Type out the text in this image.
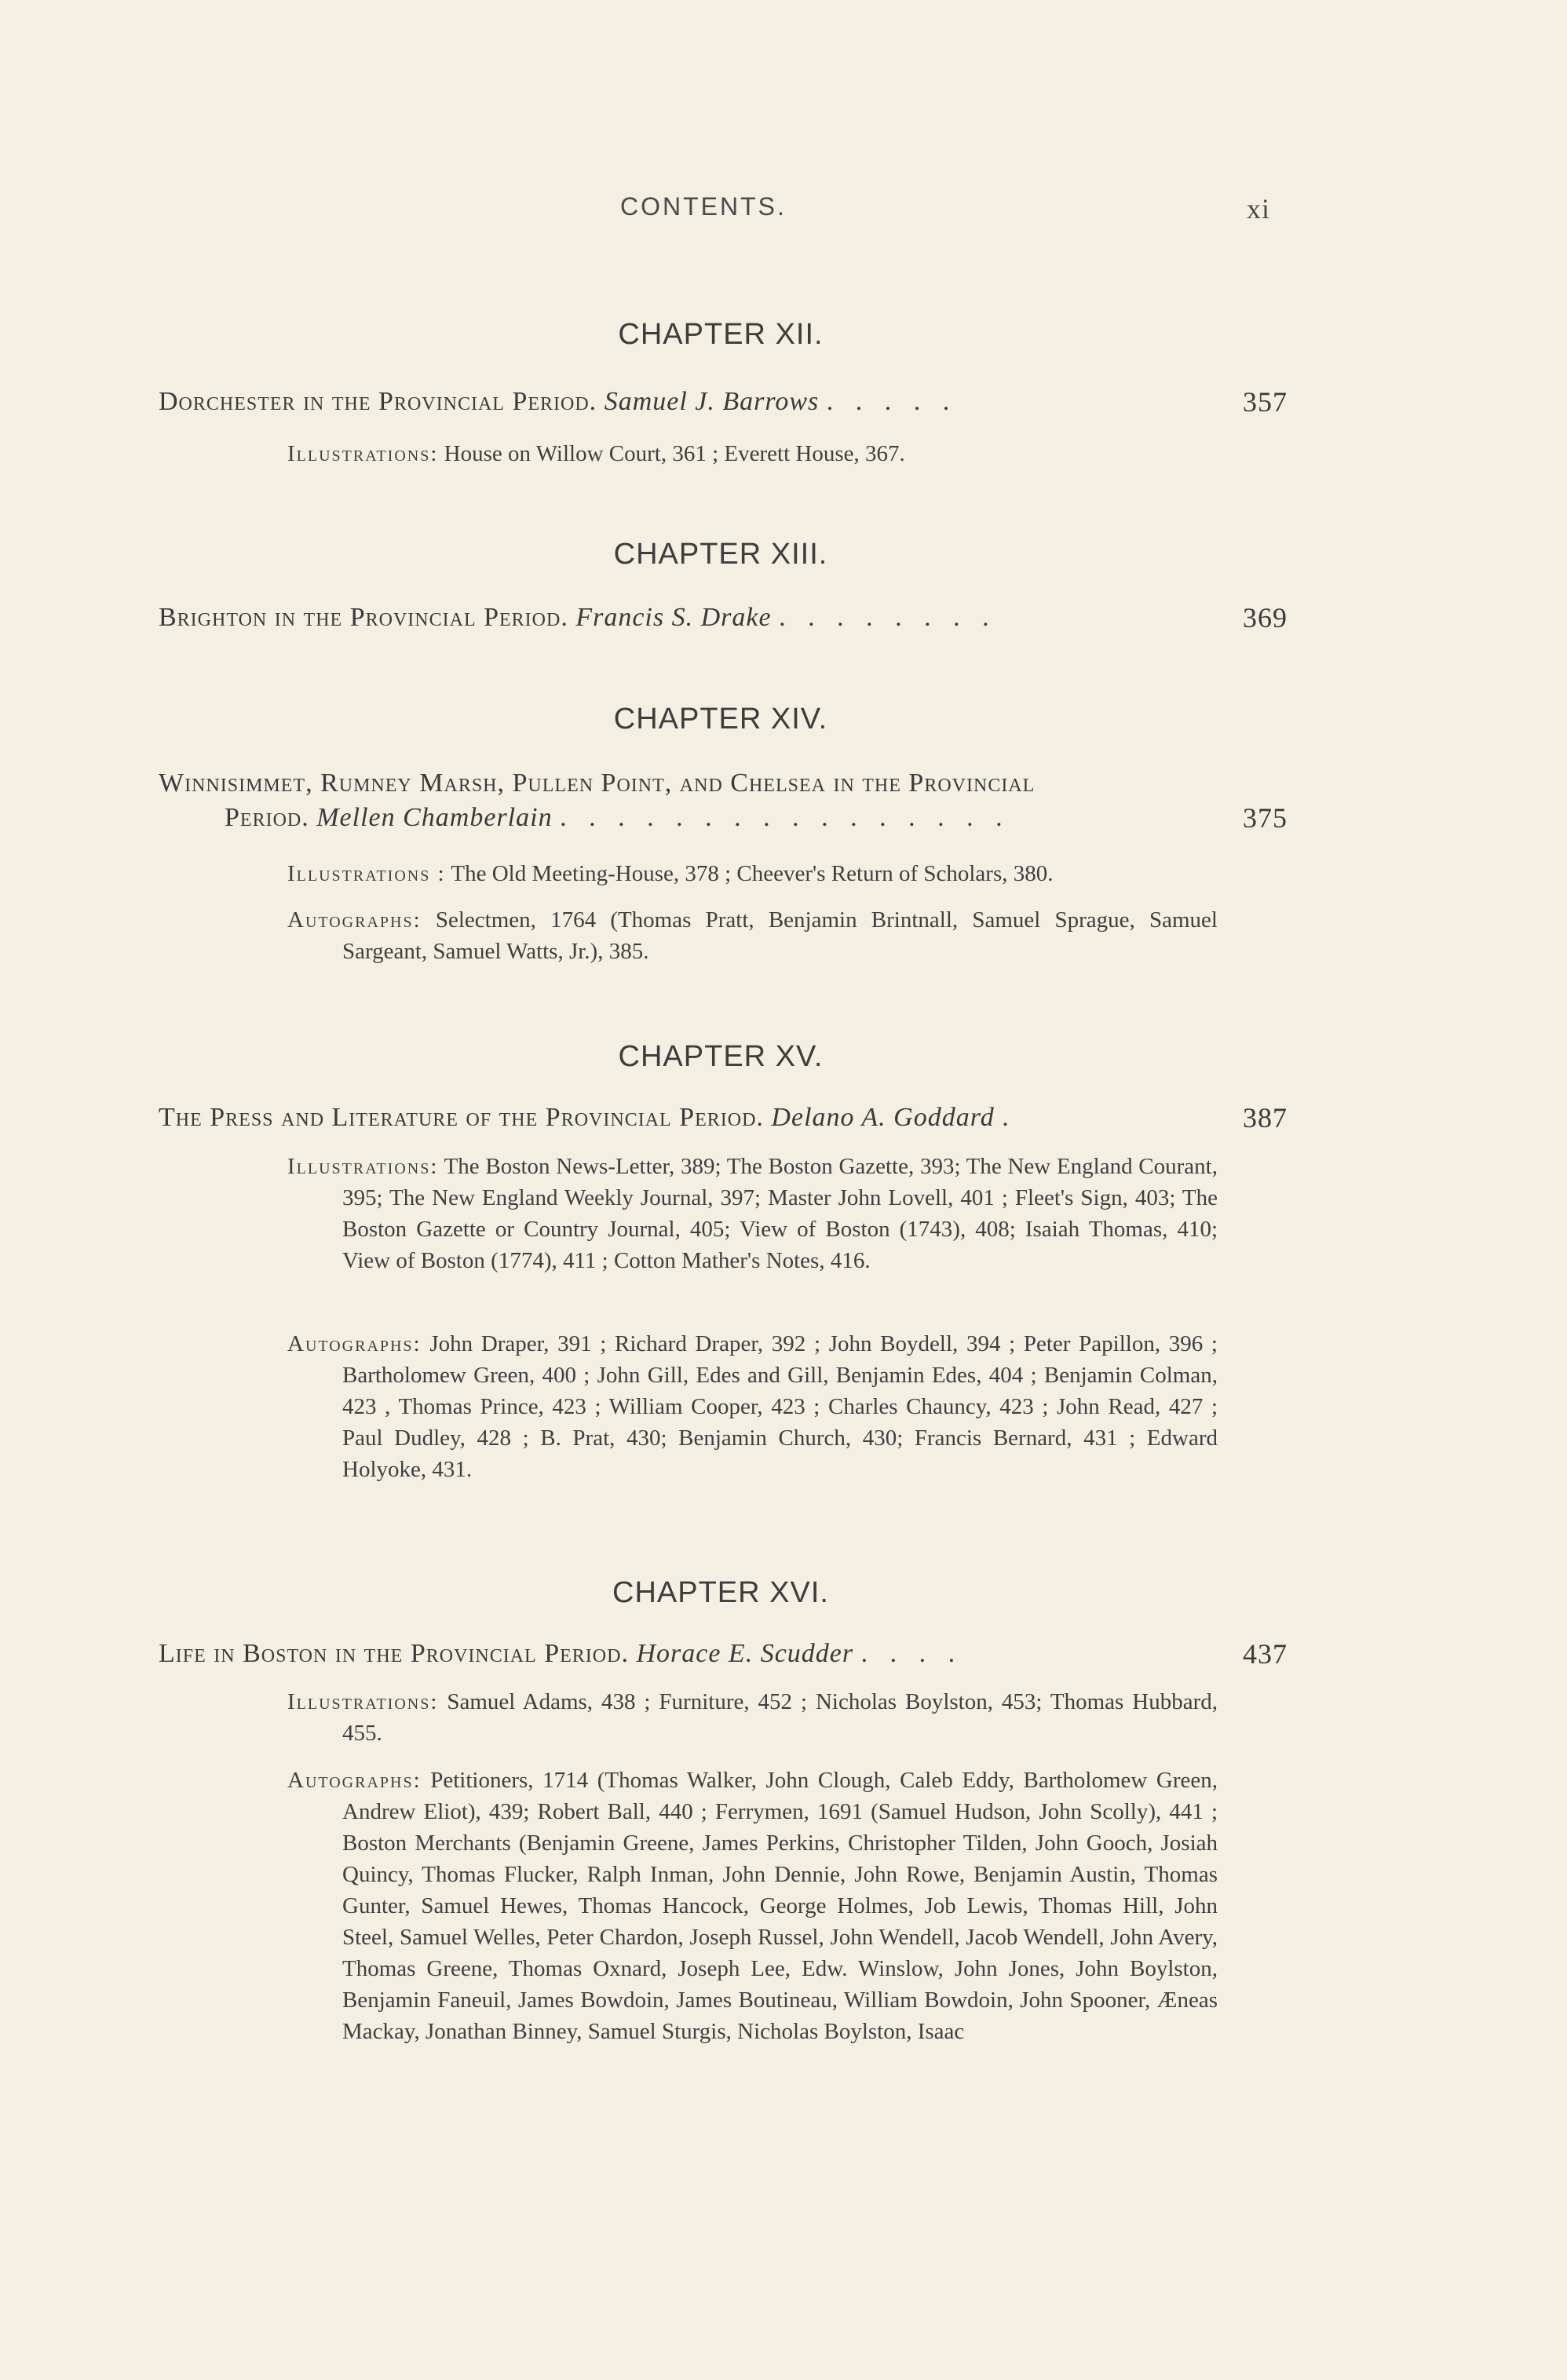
CONTENTS.	xi
CHAPTER XII.
Dorchester in the Provincial Period. Samuel J. Barrows . . . . .	357
Illustrations: House on Willow Court, 361 ; Everett House, 367.
CHAPTER XIII.
Brighton in the Provincial Period. Francis S. Drake . . . . . . . .	369
CHAPTER XIV.
Winnisimmet, Rumney Marsh, Pullen Point, and Chelsea in the Provincial
Period. Mellen Chamberlain . . . . . . . . . . . . . . . .	375
Illustrations : The Old Meeting-House, 378 ; Cheever's Return of Scholars, 380.
Autographs: Selectmen, 1764 (Thomas Pratt, Benjamin Brintnall, Samuel Sprague, Samuel Sargeant, Samuel Watts, Jr.), 385.
CHAPTER XV.
The Press and Literature of the Provincial Period. Delano A. Goddard .	387
Illustrations: The Boston News-Letter, 389; The Boston Gazette, 393; The New England Courant, 395; The New England Weekly Journal, 397; Master John Lovell, 401 ; Fleet's Sign, 403; The Boston Gazette or Country Journal, 405; View of Boston (1743), 408; Isaiah Thomas, 410; View of Boston (1774), 411 ; Cotton Mather's Notes, 416.
Autographs: John Draper, 391 ; Richard Draper, 392 ; John Boydell, 394 ; Peter Papillon, 396 ; Bartholomew Green, 400 ; John Gill, Edes and Gill, Benjamin Edes, 404 ; Benjamin Colman, 423 , Thomas Prince, 423 ; William Cooper, 423 ; Charles Chauncy, 423 ; John Read, 427 ; Paul Dudley, 428 ; B. Prat, 430; Benjamin Church, 430; Francis Bernard, 431 ; Edward Holyoke, 431.
CHAPTER XVI.
Life in Boston in the Provincial Period. Horace E. Scudder . . . .	437
Illustrations: Samuel Adams, 438 ; Furniture, 452 ; Nicholas Boylston, 453; Thomas Hubbard, 455.
Autographs: Petitioners, 1714 (Thomas Walker, John Clough, Caleb Eddy, Bartholomew Green, Andrew Eliot), 439; Robert Ball, 440 ; Ferrymen, 1691 (Samuel Hudson, John Scolly), 441 ; Boston Merchants (Benjamin Greene, James Perkins, Christopher Tilden, John Gooch, Josiah Quincy, Thomas Flucker, Ralph Inman, John Dennie, John Rowe, Benjamin Austin, Thomas Gunter, Samuel Hewes, Thomas Hancock, George Holmes, Job Lewis, Thomas Hill, John Steel, Samuel Welles, Peter Chardon, Joseph Russel, John Wendell, Jacob Wendell, John Avery, Thomas Greene, Thomas Oxnard, Joseph Lee, Edw. Winslow, John Jones, John Boylston, Benjamin Faneuil, James Bowdoin, James Boutineau, William Bowdoin, John Spooner, Æneas Mackay, Jonathan Binney, Samuel Sturgis, Nicholas Boylston, Isaac
